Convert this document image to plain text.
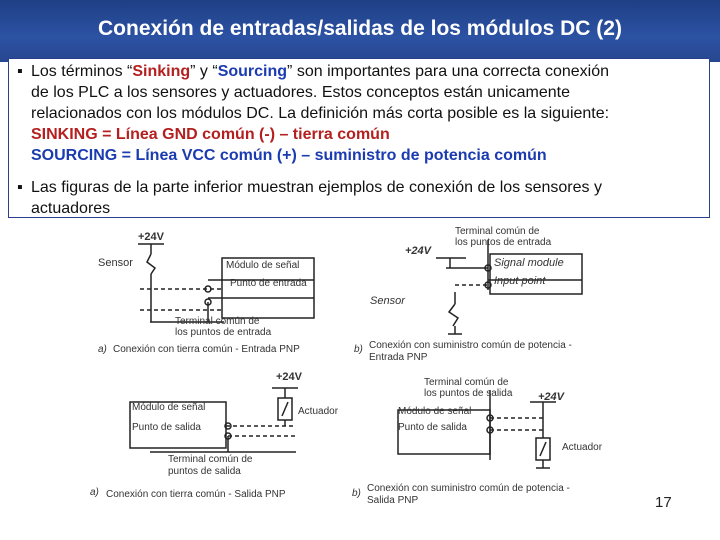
Conexión de entradas/salidas de los módulos DC (2)
▪ Los términos “Sinking” y “Sourcing” son importantes para una correcta conexión
de los PLC a los sensores y actuadores. Estos conceptos están unicamente
relacionados con los módulos DC. La definición más corta posible es la siguiente:
SINKING = Línea GND común (-) – tierra común
SOURCING = Línea VCC común (+) – suministro de potencia común
▪ Las figuras de la parte inferior muestran ejemplos de conexión de los sensores y
actuadores
+24V
Sensor	Módulo de señal
Punto de entrada
Terminal común de
los puntos de entrada
a) Conexión con tierra común - Entrada PNP
Terminal común de
los puntos de entrada
+24V
Signal module
Input point
Sensor
b) Conexión con suministro común de potencia -
Entrada PNP
+24V
Módulo de señal
Punto de salida
Actuador
Terminal común de
puntos de salida
a) Conexión con tierra común - Salida PNP
Terminal común de
los puntos de salida +24V
Módulo de señal
Punto de salida
Actuador
b) Conexión con suministro común de potencia -
Salida PNP	17
